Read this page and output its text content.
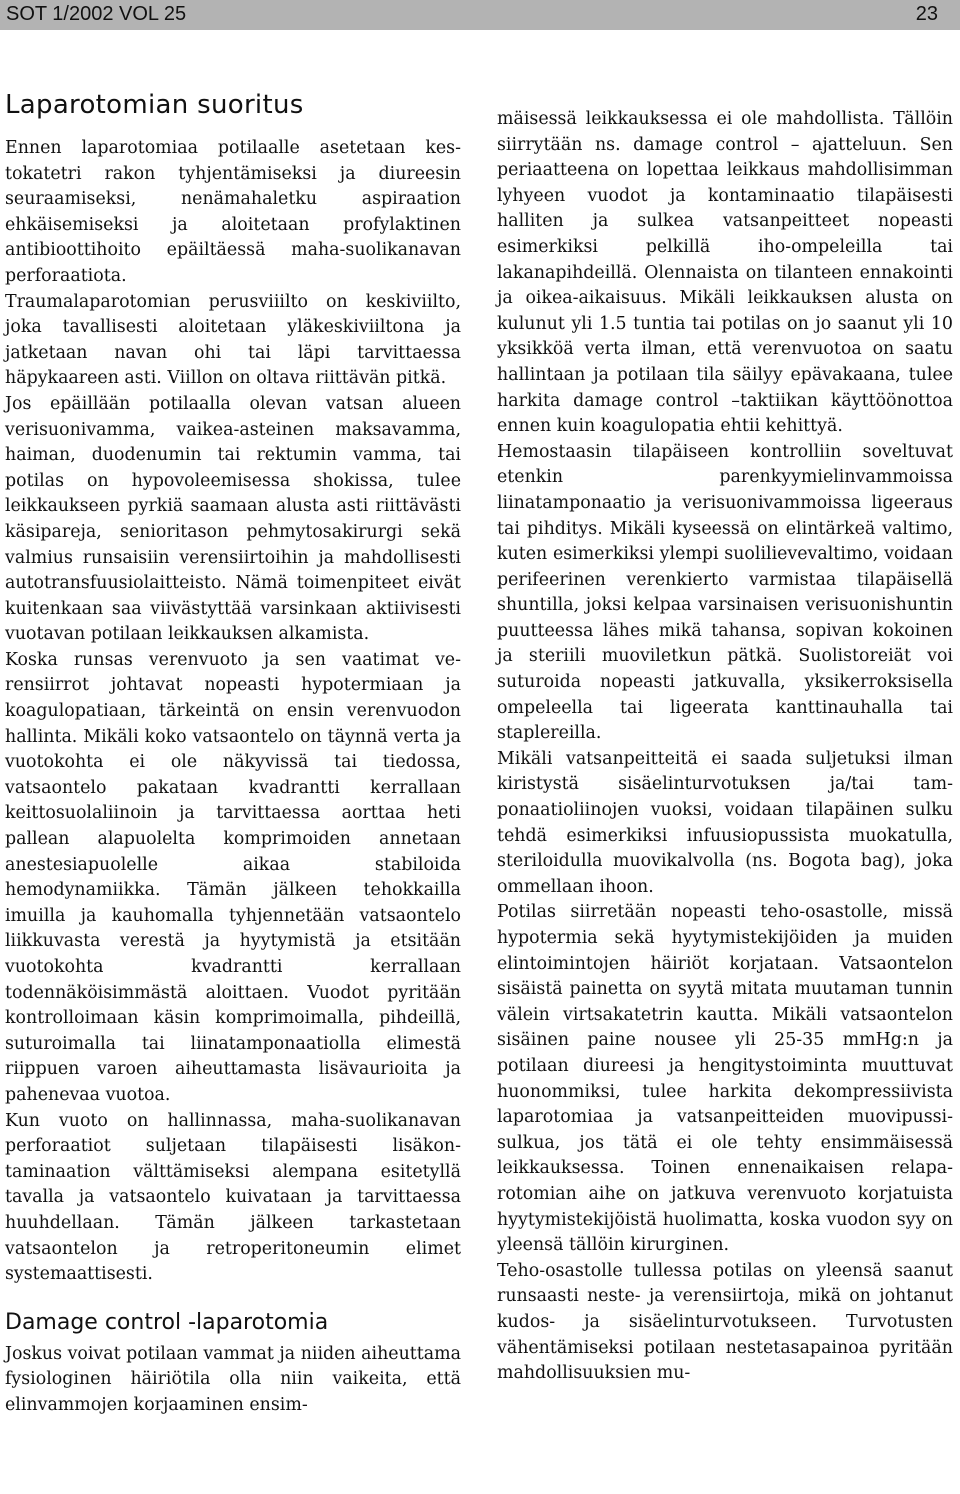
SOT 1/2002 VOL 25	23
Laparotomian suoritus

Ennen laparotomiaa potilaalle asetetaan kestokatetri rakon tyhjentämiseksi ja diureesin seuraamiseksi, nenämahaletku aspiraation ehkäisemiseksi ja aloitetaan profylaktinen antibioottihoito epäiltäessä maha-suolikanavan perforaatiota.

Traumalaparotomian perusviiilto on keskiviilto, joka tavallisesti aloitetaan yläkeskiviiltona ja jatketaan navan ohi tai läpi tarvittaessa häpykaareen asti. Viillon on oltava riittävän pitkä.

Jos epäillään potilaalla olevan vatsan alueen verisuonivamma, vaikea-asteinen maksavamma, haiman, duodenumin tai rektumin vamma, tai potilas on hypovoleemisessa shokissa, tulee leikkaukseen pyrkiä saamaan alusta asti riittävästi käsipareja, senioritason pehmytosakirurgi sekä valmius runsaisiin verensiirtoihin ja mahdollisesti autotransfuusiolaitteisto. Nämä toimenpiteet eivät kuitenkaan saa viivästyttää varsinkaan aktiivisesti vuotavan potilaan leikkauksen alkamista.

Koska runsas verenvuoto ja sen vaatimat verensiirrot johtavat nopeasti hypotermiaan ja koagulopatiaan, tärkeintä on ensin verenvuodon hallinta. Mikäli koko vatsaontelo on täynnä verta ja vuotokohta ei ole näkyvissä tai tiedossa, vatsaontelo pakataan kvadrantti kerrallaan keittosuolaliinoin ja tarvittaessa aorttaa heti pallean alapuolelta komprimoiden annetaan anestesiapuolelle aikaa stabiloida hemodynamiikka. Tämän jälkeen tehokkailla imuilla ja kauhomalla tyhjennetään vatsaontelo liikkuvasta verestä ja hyytymistä ja etsitään vuotokohta kvadrantti kerrallaan todennäköisimmästä aloittaen. Vuodot pyritään kontrolloimaan käsin komprimoimalla, pihdeillä, suturoimalla tai liinatamponaatiolla elimestä riippuen varoen aiheuttamasta lisävaurioita ja pahenevaa vuotoa.

Kun vuoto on hallinnassa, maha-suolikanavan perforaatiot suljetaan tilapäisesti lisäkontaminaation välttämiseksi alempana esitetyllä tavalla ja vatsaontelo kuivataan ja tarvittaessa huuhdellaan. Tämän jälkeen tarkastetaan vatsaontelon ja retroperitoneumin elimet systemaattisesti.

Damage control -laparotomia

Joskus voivat potilaan vammat ja niiden aiheuttama fysiologinen häiriötila olla niin vaikeita, että elinvammojen korjaaminen ensim-

mäisessä leikkauksessa ei ole mahdollista. Tällöin siirrytään ns. damage control – ajatteluun. Sen periaatteena on lopettaa leikkaus mahdollisimman lyhyeen vuodot ja kontaminaatio tilapäisesti halliten ja sulkea vatsanpeitteet nopeasti esimerkiksi pelkillä iho-ompeleilla tai lakanapihdeillä. Olennaista on tilanteen ennakointi ja oikea-aikaisuus. Mikäli leikkauksen alusta on kulunut yli 1.5 tuntia tai potilas on jo saanut yli 10 yksikköä verta ilman, että verenvuotoa on saatu hallintaan ja potilaan tila säilyy epävakaana, tulee harkita damage control –taktiikan käyttöönottoa ennen kuin koagulopatia ehtii kehittyä.

Hemostaasin tilapäiseen kontrolliin soveltuvat etenkin parenkyymielinvammoissa liinatamponaatio ja verisuonivammoissa ligeeraus tai pihditys. Mikäli kyseessä on elintärkeä valtimo, kuten esimerkiksi ylempi suolilievevaltimo, voidaan perifeerinen verenkierto varmistaa tilapäisellä shuntilla, joksi kelpaa varsinaisen verisuonishuntin puutteessa lähes mikä tahansa, sopivan kokoinen ja steriili muoviletkun pätkä. Suolistoreiät voi suturoida nopeasti jatkuvalla, yksikerroksisella ompeleella tai ligeerata kanttinauhalla tai staplereilla.

Mikäli vatsanpeitteitä ei saada suljetuksi ilman kiristystä sisäelinturvotuksen ja/tai tamponaatioliinojen vuoksi, voidaan tilapäinen sulku tehdä esimerkiksi infuusiopussista muokatulla, steriloidulla muovikalvolla (ns. Bogota bag), joka ommellaan ihoon.

Potilas siirretään nopeasti teho-osastolle, missä hypotermia sekä hyytymistekijöiden ja muiden elintoimintojen häiriöt korjataan. Vatsaontelon sisäistä painetta on syytä mitata muutaman tunnin välein virtsakatetrin kautta. Mikäli vatsaontelon sisäinen paine nousee yli 25-35 mmHg:n ja potilaan diureesi ja hengitystoiminta muuttuvat huonommiksi, tulee harkita dekompressiivista laparotomiaa ja vatsanpeitteiden muovipussisulkua, jos tätä ei ole tehty ensimmäisessä leikkauksessa. Toinen ennenaikaisen relaparotomian aihe on jatkuva verenvuoto korjatuista hyytymistekijöistä huolimatta, koska vuodon syy on yleensä tällöin kirurginen.

Teho-osastolle tullessa potilas on yleensä saanut runsaasti neste- ja verensiirtoja, mikä on johtanut kudos- ja sisäelinturvotukseen. Turvotusten vähentämiseksi potilaan nestetasapainoa pyritään mahdollisuuksien mu-
